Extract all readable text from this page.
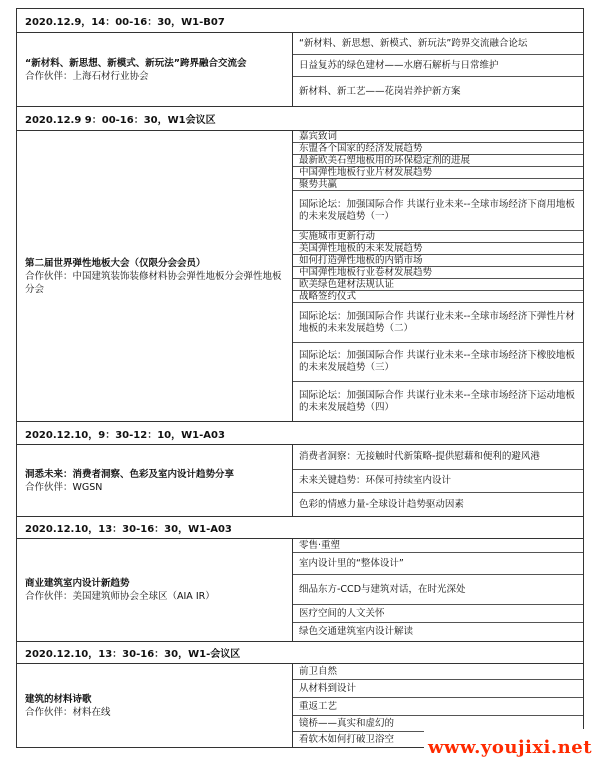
2020.12.9，14：00-16：30，W1-B07
“新材料、新思想、新模式、新玩法”跨界融合交流会
合作伙伴：上海石材行业协会
“新材料、新思想、新模式、新玩法”跨界交流融合论坛
日益复苏的绿色建材——水磨石解析与日常维护
新材料、新工艺——花岗岩养护新方案
2020.12.9 9：00-16：30，W1会议区
第二届世界弹性地板大会（仅限分会会员）
合作伙伴：中国建筑装饰装修材料协会弹性地板分会弹性地板分会
嘉宾致词
东盟各个国家的经济发展趋势
最新欧美石塑地板用的环保稳定剂的进展
中国弹性地板行业片材发展趋势
聚势共赢
国际论坛：加强国际合作 共谋行业未来--全球市场经济下商用地板的未来发展趋势（一）
实施城市更新行动
美国弹性地板的未来发展趋势
如何打造弹性地板的内销市场
中国弹性地板行业卷材发展趋势
欧美绿色建材法规认证
战略签约仪式
国际论坛：加强国际合作 共谋行业未来--全球市场经济下弹性片材地板的未来发展趋势（二）
国际论坛：加强国际合作 共谋行业未来--全球市场经济下橡胶地板的未来发展趋势（三）
国际论坛：加强国际合作 共谋行业未来--全球市场经济下运动地板的未来发展趋势（四）
2020.12.10，9：30-12：10，W1-A03
洞悉未来：消费者洞察、色彩及室内设计趋势分享
合作伙伴：WGSN
消费者洞察：无接触时代新策略-提供慰藉和便利的避风港
未来关键趋势：环保可持续室内设计
色彩的情感力量-全球设计趋势驱动因素
2020.12.10，13：30-16：30，W1-A03
商业建筑室内设计新趋势
合作伙伴：美国建筑师协会全球区（AIA IR）
零售·重塑
室内设计里的“整体设计”
细品东方-CCD与建筑对话，在时光深处
医疗空间的人文关怀
绿色交通建筑室内设计解读
2020.12.10，13：30-16：30，W1-会议区
建筑的材料诗歌
合作伙伴：材料在线
前卫自然
从材料到设计
重返工艺
镜桥——真实和虚幻的
看软木如何打破卫浴空	www.youjixi.net
